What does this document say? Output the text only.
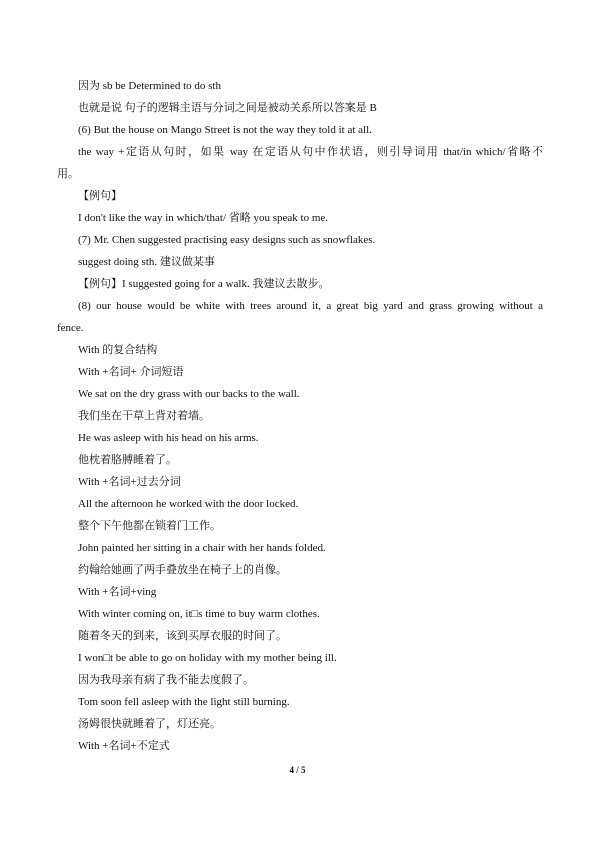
因为 sb be Determined to do sth
也就是说 句子的逻辑主语与分词之间是被动关系所以答案是 B
(6) But the house on Mango Street is not the way they told it at all.
the way +定语从句时，如果 way 在定语从句中作状语，则引导词用 that/in which/省略不
用。
【例句】
I don't like the way in which/that/ 省略 you speak to me.
(7) Mr. Chen suggested practising easy designs such as snowflakes.
suggest doing sth. 建议做某事
【例句】I suggested going for a walk. 我建议去散步。
(8) our house would be white with trees around it, a great big yard and grass growing without a
fence.
With 的复合结构
With +名词+ 介词短语
We sat on the dry grass with our backs to the wall.
我们坐在干草上背对着墙。
He was asleep with his head on his arms.
他枕着胳膊睡着了。
With +名词+过去分词
All the afternoon he worked with the door locked.
整个下午他都在锁着门工作。
John painted her sitting in a chair with her hands folded.
约翰给她画了两手叠放坐在椅子上的肖像。
With +名词+ving
With winter coming on, it□s time to buy warm clothes.
随着冬天的到来，该到买厚衣服的时间了。
I won□t be able to go on holiday with my mother being ill.
因为我母亲有病了我不能去度假了。
Tom soon fell asleep with the light still burning.
汤姆很快就睡着了，灯还亮。
With +名词+不定式
4 / 5
